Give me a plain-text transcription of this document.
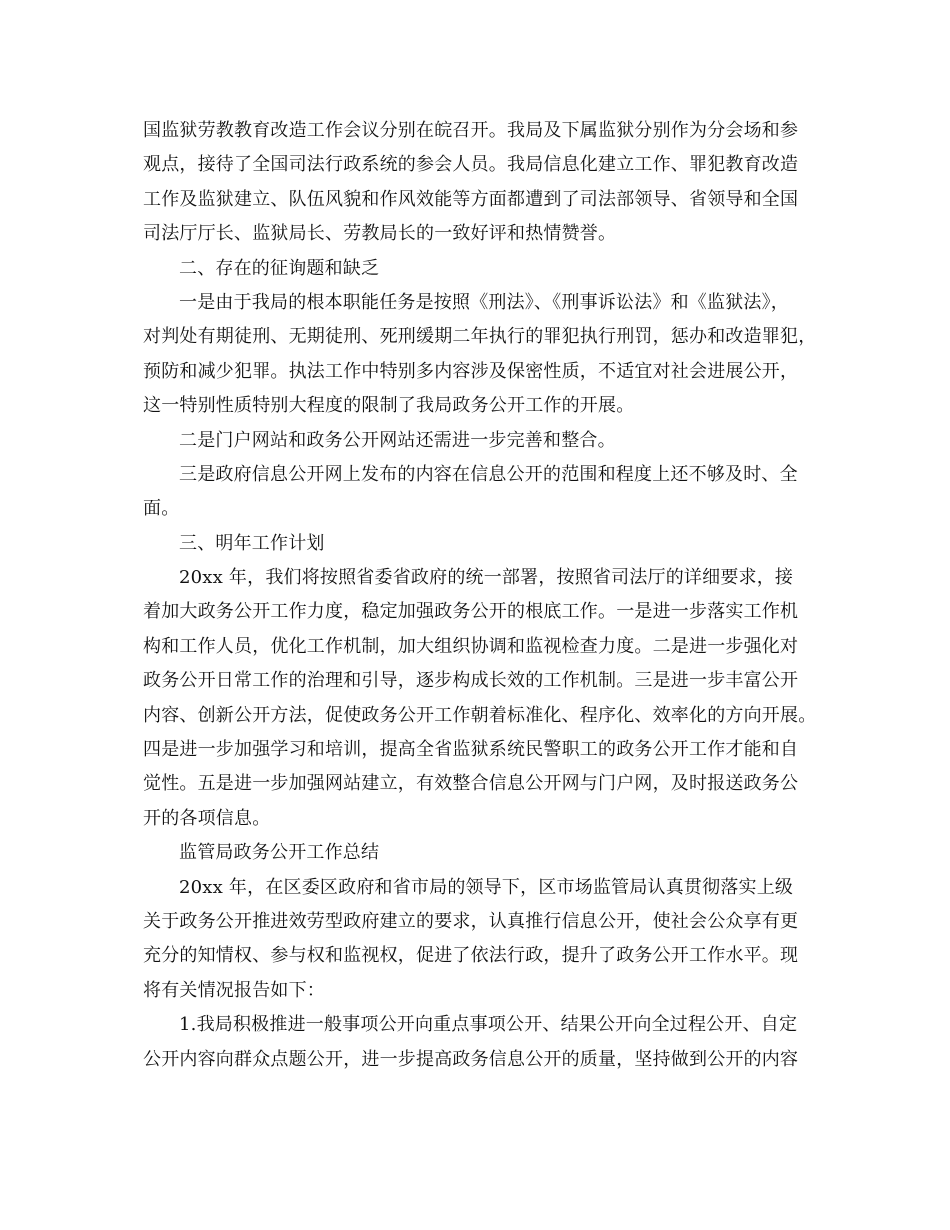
国监狱劳教教育改造工作会议分别在皖召开。我局及下属监狱分别作为分会场和参
观点，接待了全国司法行政系统的参会人员。我局信息化建立工作、罪犯教育改造
工作及监狱建立、队伍风貌和作风效能等方面都遭到了司法部领导、省领导和全国
司法厅厅长、监狱局长、劳教局长的一致好评和热情赞誉。
二、存在的征询题和缺乏
一是由于我局的根本职能任务是按照《刑法》、《刑事诉讼法》和《监狱法》，
对判处有期徒刑、无期徒刑、死刑缓期二年执行的罪犯执行刑罚，惩办和改造罪犯，
预防和减少犯罪。执法工作中特别多内容涉及保密性质，不适宜对社会进展公开，
这一特别性质特别大程度的限制了我局政务公开工作的开展。
二是门户网站和政务公开网站还需进一步完善和整合。
三是政府信息公开网上发布的内容在信息公开的范围和程度上还不够及时、全
面。
三、明年工作计划
20xx 年，我们将按照省委省政府的统一部署，按照省司法厅的详细要求，接
着加大政务公开工作力度，稳定加强政务公开的根底工作。一是进一步落实工作机
构和工作人员，优化工作机制，加大组织协调和监视检查力度。二是进一步强化对
政务公开日常工作的治理和引导，逐步构成长效的工作机制。三是进一步丰富公开
内容、创新公开方法，促使政务公开工作朝着标准化、程序化、效率化的方向开展。
四是进一步加强学习和培训，提高全省监狱系统民警职工的政务公开工作才能和自
觉性。五是进一步加强网站建立，有效整合信息公开网与门户网，及时报送政务公
开的各项信息。
监管局政务公开工作总结
20xx 年，在区委区政府和省市局的领导下，区市场监管局认真贯彻落实上级
关于政务公开推进效劳型政府建立的要求，认真推行信息公开，使社会公众享有更
充分的知情权、参与权和监视权，促进了依法行政，提升了政务公开工作水平。现
将有关情况报告如下：
1.我局积极推进一般事项公开向重点事项公开、结果公开向全过程公开、自定
公开内容向群众点题公开，进一步提高政务信息公开的质量，坚持做到公开的内容
